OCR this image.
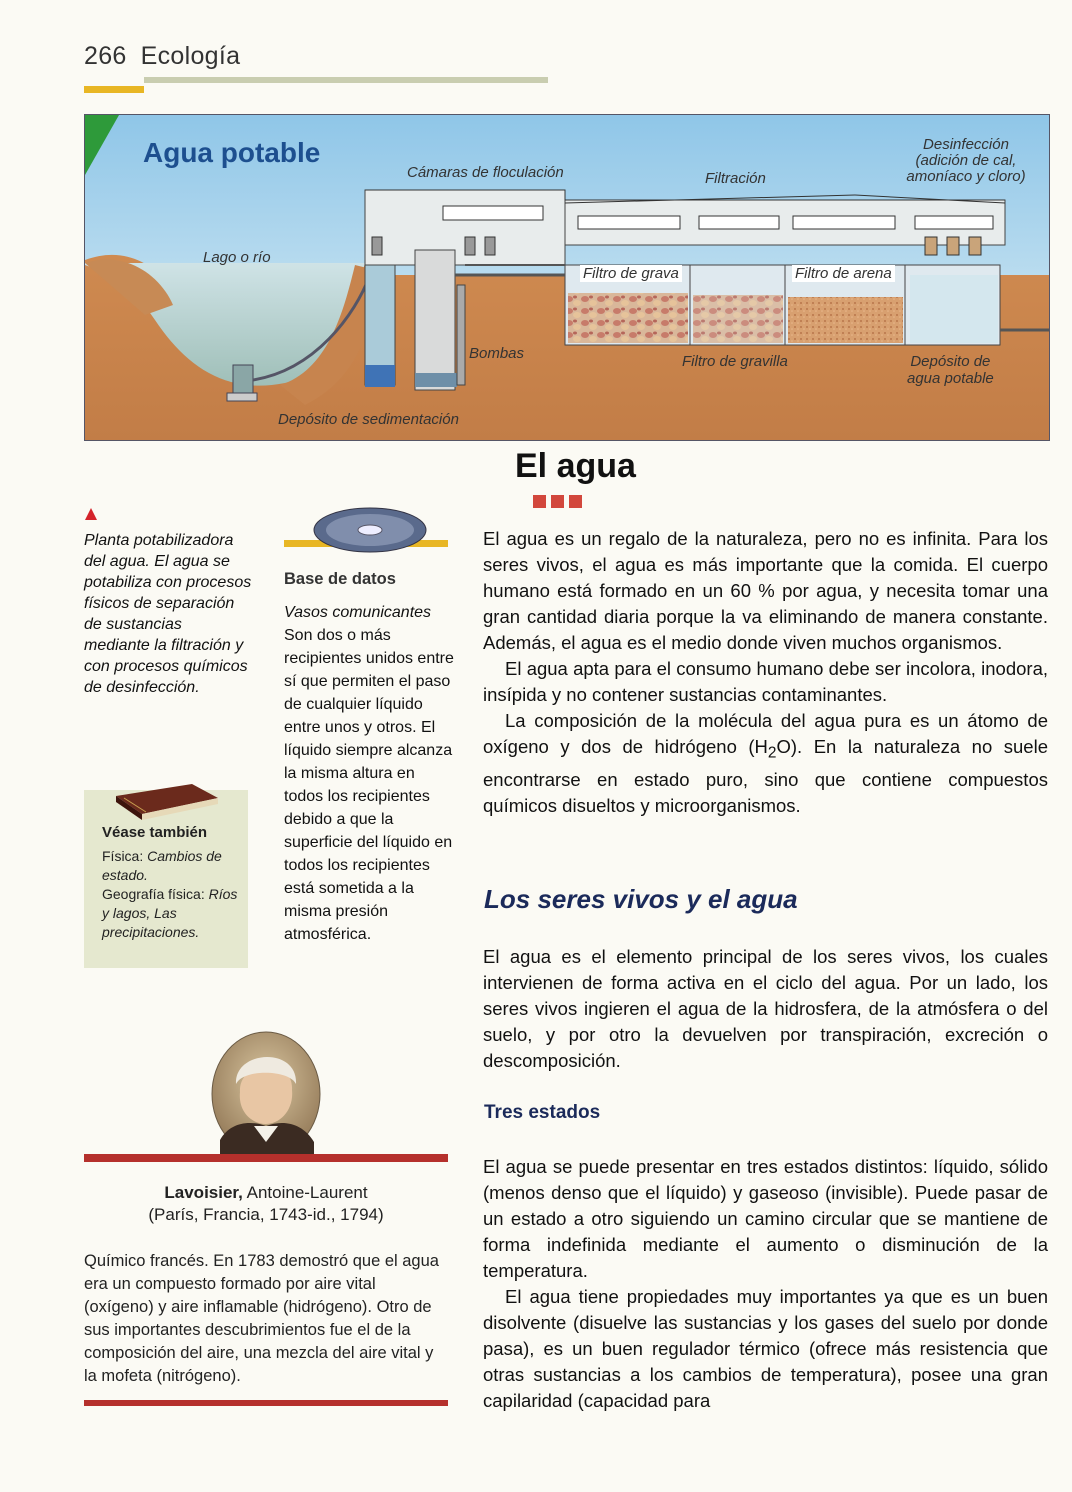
266 Ecología
Agua potable
Lago o río
Cámaras de floculación	Filtración
Desinfección
(adición de cal,
amoníaco y cloro)
Filtro de grava	Filtro de arena
Bombas	Filtro de gravilla	Depósito de
agua potable
Depósito de sedimentación
Planta potabilizadora del agua. El agua se potabiliza con procesos físicos de separación de sustancias mediante la filtración y con procesos químicos de desinfección.
Véase también
Física: Cambios de estado.
Geografía física: Ríos y lagos, Las precipitaciones.
Base de datos
Vasos comunicantes
Son dos o más recipientes unidos entre sí que permiten el paso de cualquier líquido entre unos y otros. El líquido siempre alcanza la misma altura en todos los recipientes debido a que la superficie del líquido en todos los recipientes está sometida a la misma presión atmosférica.
Lavoisier, Antoine-Laurent
(París, Francia, 1743-id., 1794)
Químico francés. En 1783 demostró que el agua era un compuesto formado por aire vital (oxígeno) y aire inflamable (hidrógeno). Otro de sus importantes descubrimientos fue el de la composición del aire, una mezcla del aire vital y la mofeta (nitrógeno).
El agua

El agua es un regalo de la naturaleza, pero no es infinita. Para los seres vivos, el agua es más importante que la comida. El cuerpo humano está formado en un 60 % por agua, y necesita tomar una gran cantidad diaria porque la va eliminando de manera constante. Además, el agua es el medio donde viven muchos organismos.

El agua apta para el consumo humano debe ser incolora, inodora, insípida y no contener sustancias contaminantes.

La composición de la molécula del agua pura es un átomo de oxígeno y dos de hidrógeno $(H_2O)$. En la naturaleza no suele encontrarse en estado puro, sino que contiene compuestos químicos disueltos y microorganismos.

Los seres vivos y el agua

El agua es el elemento principal de los seres vivos, los cuales intervienen de forma activa en el ciclo del agua. Por un lado, los seres vivos ingieren el agua de la hidrosfera, de la atmósfera o del suelo, y por otro la devuelven por transpiración, excreción o descomposición.

Tres estados

El agua se puede presentar en tres estados distintos: líquido, sólido (menos denso que el líquido) y gaseoso (invisible). Puede pasar de un estado a otro siguiendo un camino circular que se mantiene de forma indefinida mediante el aumento o disminución de la temperatura.

El agua tiene propiedades muy importantes ya que es un buen disolvente (disuelve las sustancias y los gases del suelo por donde pasa), es un buen regulador térmico (ofrece más resistencia que otras sustancias a los cambios de temperatura), posee una gran capilaridad (capacidad para
